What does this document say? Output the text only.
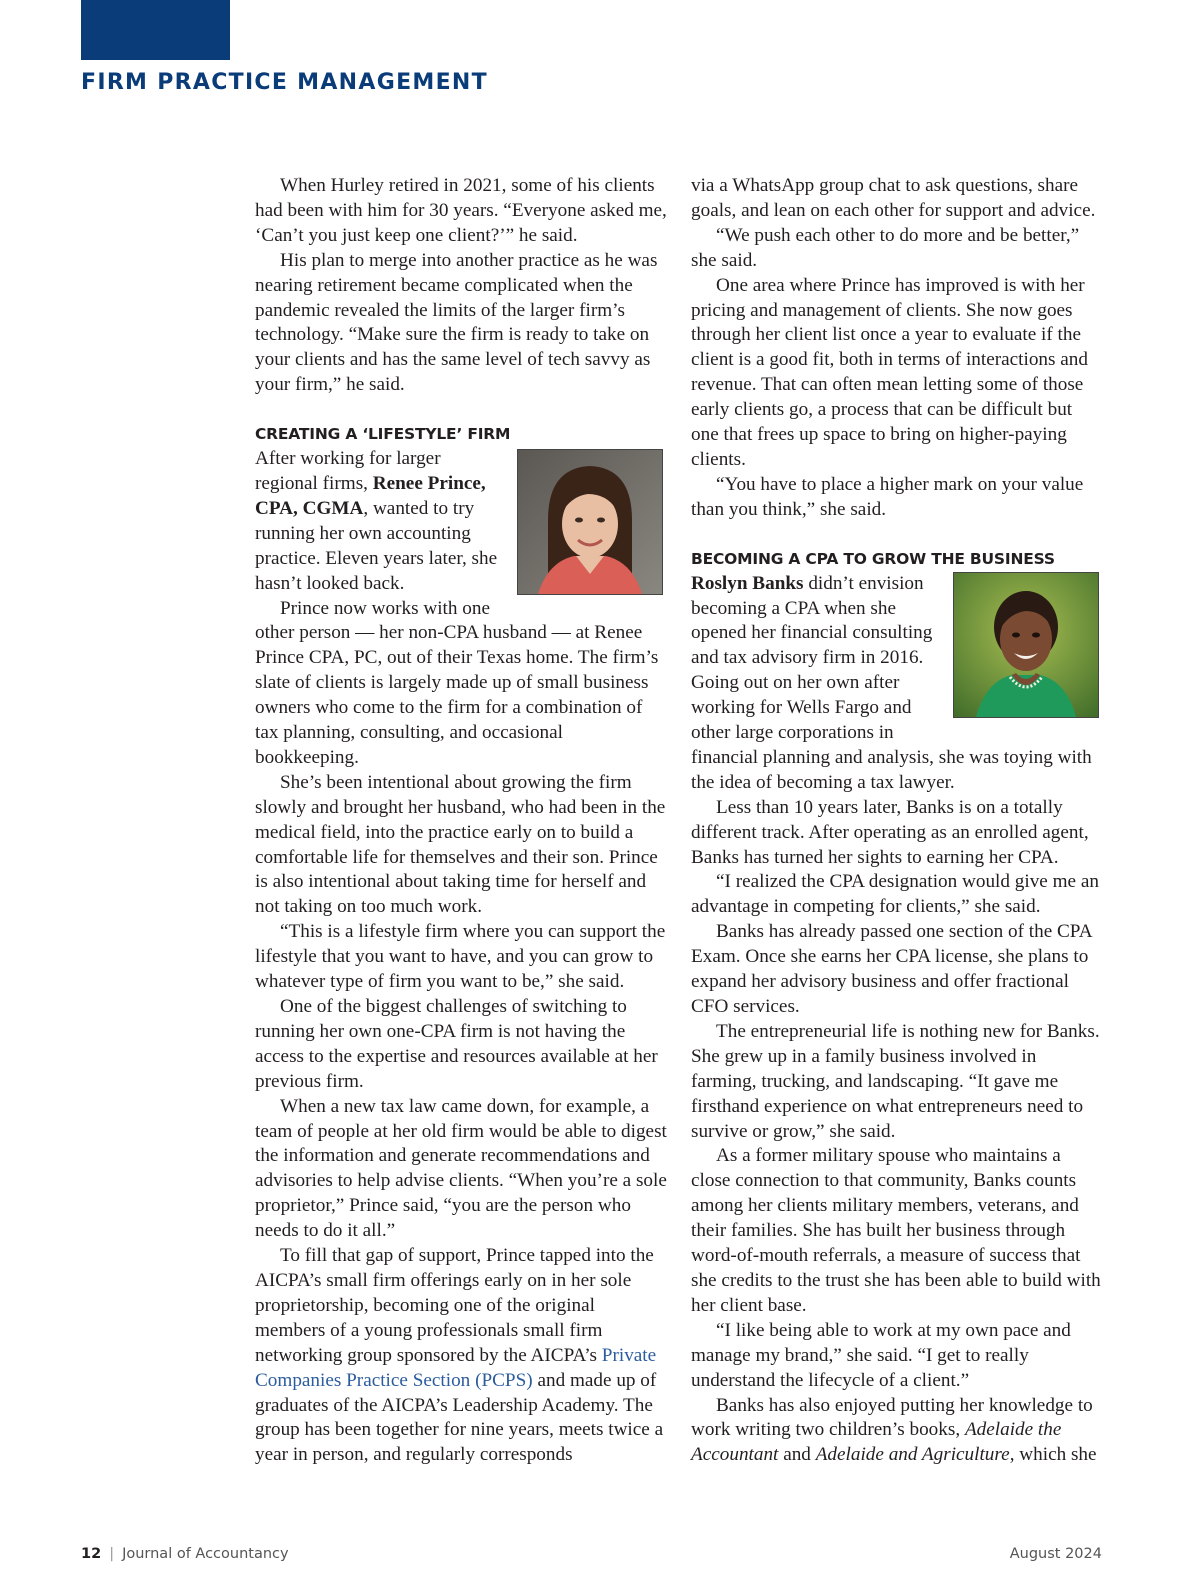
FIRM PRACTICE MANAGEMENT

When Hurley retired in 2021, some of his clients had been with him for 30 years. “Everyone asked me, ‘Can’t you just keep one client?’” he said.

His plan to merge into another practice as he was nearing retirement became complicated when the pandemic revealed the limits of the larger firm’s technology. “Make sure the firm is ready to take on your clients and has the same level of tech savvy as your firm,” he said.

CREATING A ‘LIFESTYLE’ FIRM

After working for larger regional firms, Renee Prince, CPA, CGMA, wanted to try running her own accounting practice. Eleven years later, she hasn’t looked back.

Prince now works with one other person — her non-CPA husband — at Renee Prince CPA, PC, out of their Texas home. The firm’s slate of clients is largely made up of small business owners who come to the firm for a combination of tax planning, consulting, and occasional bookkeeping.

She’s been intentional about growing the firm slowly and brought her husband, who had been in the medical field, into the practice early on to build a comfortable life for themselves and their son. Prince is also intentional about taking time for herself and not taking on too much work.

“This is a lifestyle firm where you can support the lifestyle that you want to have, and you can grow to whatever type of firm you want to be,” she said.

One of the biggest challenges of switching to running her own one-CPA firm is not having the access to the expertise and resources available at her previous firm.

When a new tax law came down, for example, a team of people at her old firm would be able to digest the information and generate recommendations and advisories to help advise clients. “When you’re a sole proprietor,” Prince said, “you are the person who needs to do it all.”

To fill that gap of support, Prince tapped into the AICPA’s small firm offerings early on in her sole proprietorship, becoming one of the original members of a young professionals small firm networking group sponsored by the AICPA’s Private Companies Practice Section (PCPS) and made up of graduates of the AICPA’s Leadership Academy. The group has been together for nine years, meets twice a year in person, and regularly corresponds

via a WhatsApp group chat to ask questions, share goals, and lean on each other for support and advice.

“We push each other to do more and be better,” she said.

One area where Prince has improved is with her pricing and management of clients. She now goes through her client list once a year to evaluate if the client is a good fit, both in terms of interactions and revenue. That can often mean letting some of those early clients go, a process that can be difficult but one that frees up space to bring on higher-paying clients.

“You have to place a higher mark on your value than you think,” she said.

BECOMING A CPA TO GROW THE BUSINESS

Roslyn Banks didn’t envision becoming a CPA when she opened her financial consulting and tax advisory firm in 2016. Going out on her own after working for Wells Fargo and other large corporations in financial planning and analysis, she was toying with the idea of becoming a tax lawyer.

Less than 10 years later, Banks is on a totally different track. After operating as an enrolled agent, Banks has turned her sights to earning her CPA.

“I realized the CPA designation would give me an advantage in competing for clients,” she said.

Banks has already passed one section of the CPA Exam. Once she earns her CPA license, she plans to expand her advisory business and offer fractional CFO services.

The entrepreneurial life is nothing new for Banks. She grew up in a family business involved in farming, trucking, and landscaping. “It gave me firsthand experience on what entrepreneurs need to survive or grow,” she said.

As a former military spouse who maintains a close connection to that community, Banks counts among her clients military members, veterans, and their families. She has built her business through word-of-mouth referrals, a measure of success that she credits to the trust she has been able to build with her client base.

“I like being able to work at my own pace and manage my brand,” she said. “I get to really understand the lifecycle of a client.”

Banks has also enjoyed putting her knowledge to work writing two children’s books, Adelaide the Accountant and Adelaide and Agriculture, which she

12 | Journal of Accountancy	August 2024
